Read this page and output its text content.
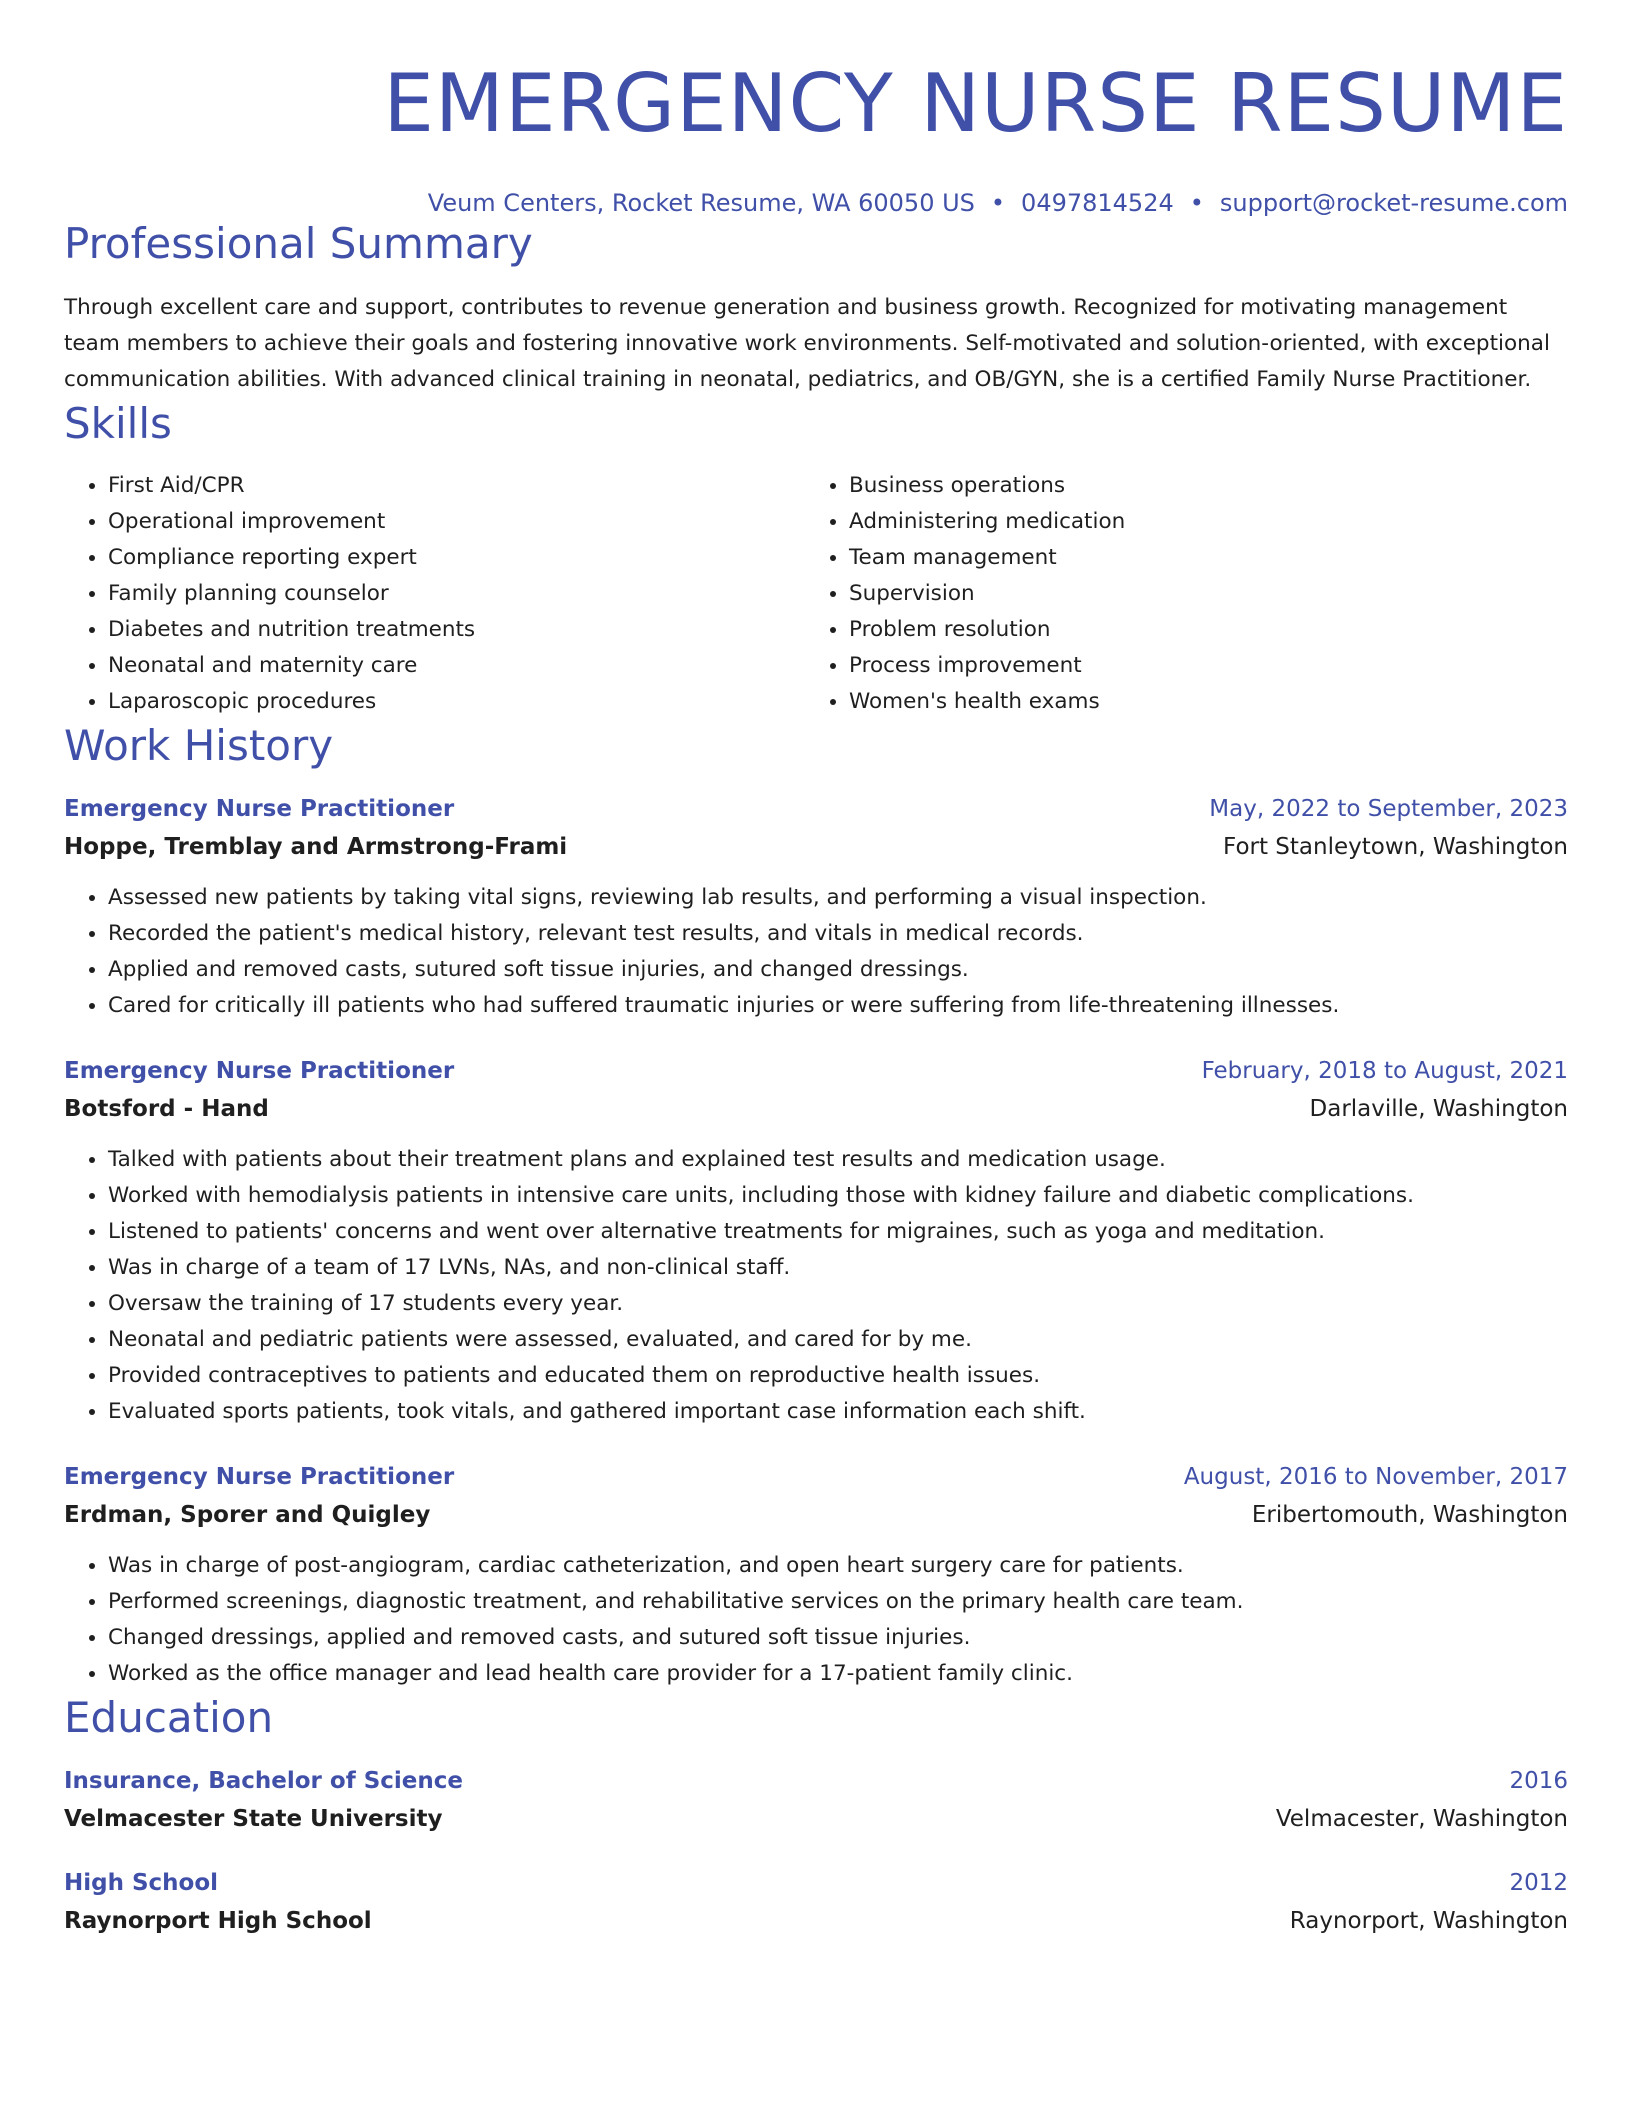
EMERGENCY NURSE RESUME
Veum Centers, Rocket Resume, WA 60050 US • 0497814524 • support@rocket-resume.com
Professional Summary

Through excellent care and support, contributes to revenue generation and business growth. Recognized for motivating management team members to achieve their goals and fostering innovative work environments. Self-motivated and solution-oriented, with exceptional communication abilities. With advanced clinical training in neonatal, pediatrics, and OB/GYN, she is a certified Family Nurse Practitioner.

Skills
• First Aid/CPR
• Operational improvement
• Compliance reporting expert
• Family planning counselor
• Diabetes and nutrition treatments
• Neonatal and maternity care
• Laparoscopic procedures
• Business operations
• Administering medication
• Team management
• Supervision
• Problem resolution
• Process improvement
• Women's health exams
Work History
Emergency Nurse Practitioner	May, 2022 to September, 2023
Hoppe, Tremblay and Armstrong-Frami	Fort Stanleytown, Washington
• Assessed new patients by taking vital signs, reviewing lab results, and performing a visual inspection.
• Recorded the patient's medical history, relevant test results, and vitals in medical records.
• Applied and removed casts, sutured soft tissue injuries, and changed dressings.
• Cared for critically ill patients who had suffered traumatic injuries or were suffering from life-threatening illnesses.
Emergency Nurse Practitioner	February, 2018 to August, 2021
Botsford - Hand	Darlaville, Washington
• Talked with patients about their treatment plans and explained test results and medication usage.
• Worked with hemodialysis patients in intensive care units, including those with kidney failure and diabetic complications.
• Listened to patients' concerns and went over alternative treatments for migraines, such as yoga and meditation.
• Was in charge of a team of 17 LVNs, NAs, and non-clinical staff.
• Oversaw the training of 17 students every year.
• Neonatal and pediatric patients were assessed, evaluated, and cared for by me.
• Provided contraceptives to patients and educated them on reproductive health issues.
• Evaluated sports patients, took vitals, and gathered important case information each shift.
Emergency Nurse Practitioner	August, 2016 to November, 2017
Erdman, Sporer and Quigley	Eribertomouth, Washington
• Was in charge of post-angiogram, cardiac catheterization, and open heart surgery care for patients.
• Performed screenings, diagnostic treatment, and rehabilitative services on the primary health care team.
• Changed dressings, applied and removed casts, and sutured soft tissue injuries.
• Worked as the office manager and lead health care provider for a 17-patient family clinic.
Education
Insurance, Bachelor of Science	2016
Velmacester State University	Velmacester, Washington
High School	2012
Raynorport High School	Raynorport, Washington
